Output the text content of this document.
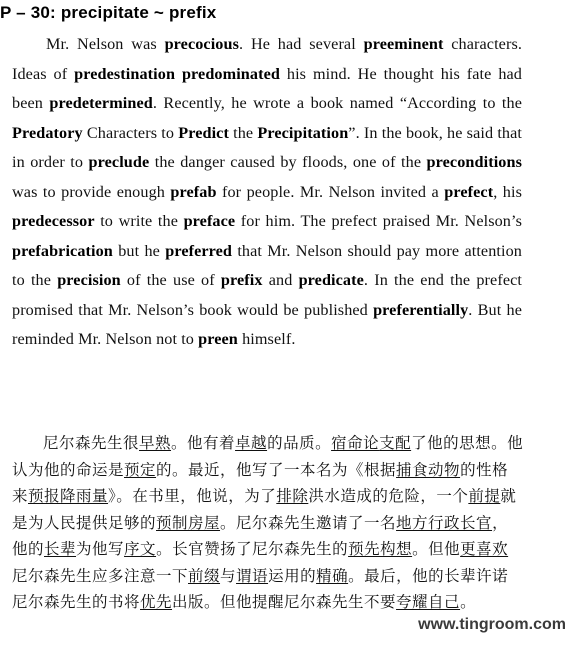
P – 30: precipitate ~ prefix

Mr. Nelson was precocious. He had several preeminent characters. Ideas of predestination predominated his mind. He thought his fate had been predetermined. Recently, he wrote a book named “According to the Predatory Characters to Predict the Precipitation”. In the book, he said that in order to preclude the danger caused by floods, one of the preconditions was to provide enough prefab for people. Mr. Nelson invited a prefect, his predecessor to write the preface for him. The prefect praised Mr. Nelson’s prefabrication but he preferred that Mr. Nelson should pay more attention to the precision of the use of prefix and predicate. In the end the prefect promised that Mr. Nelson’s book would be published preferentially. But he reminded Mr. Nelson not to preen himself.

尼尔森先生很早熟。他有着卓越的品质。宿命论支配了他的思想。他认为他的命运是预定的。最近，他写了一本名为《根据捕食动物的性格来预报降雨量》。在书里，他说，为了排除洪水造成的危险，一个前提就是为人民提供足够的预制房屋。尼尔森先生邀请了一名地方行政长官，他的长辈为他写序文。长官赞扬了尼尔森先生的预先构想。但他更喜欢尼尔森先生应多注意一下前缀与谓语运用的精确。最后，他的长辈许诺尼尔森先生的书将优先出版。但他提醒尼尔森先生不要夸耀自己。

www.tingroom.com
